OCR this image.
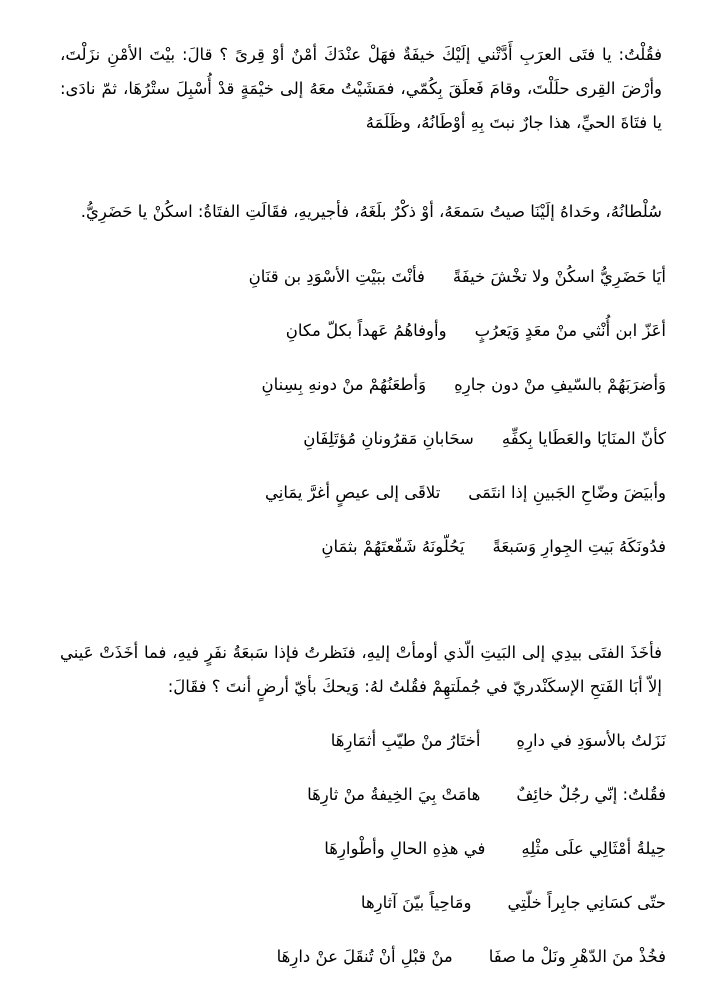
فقُلْتُ: يا فتَى العرَبِ أَدَّتْني إلَيْكَ خيفَةٌ فهَلْ عنْدَكَ أمْنٌ أوْ قِرىً ؟ قالَ: بيْتَ الأمْنِ نزَلْتَ، وأرْضَ القِرى حلَلْتَ، وقامَ فَعلَقَ بِكُمّي، فمَشَيْتُ معَهُ إلى خيْمَةٍ قدْ أُسْبِلَ ستْرُهَا، ثمّ نادَى: يا فتَاةَ الحيِّ، هذا جارٌ نبتَ بِهِ أوْطَانُهُ، وظَلَمَهُ

سُلْطانُهُ، وحَداهُ إلَيْنَا صيتُ سَمعَهُ، أوْ ذكْرٌ بلَغَهُ، فأجيريهِ، فقَالَتِ الفتَاةُ: اسكُنْ يا حَضَرِيُّ.

أيَا حَضَرِيُّ اسكُنْ ولا تخْشَ خيفَةًفأنْتَ ببَيْتِ الأسْوَدِ بن قنَانِ
أعَزّ ابن أُنْثي منْ معَدٍ وَيَعرُبٍوأوفاهُمُ عَهداً بكلّ مكانِ
وَأضرَبَهُمْ بالسّيفِ منْ دون جارِهِوَأطعَنُهُمْ منْ دونهِ بِسِنانِ
كأنّ المنَايَا والعَطَايا بِكفِّهِسحَابانِ مَقرُونانِ مُؤتَلِفَانِ
وأبيَضَ وضّاحِ الجَبينِ إذا انتَمَىتلاقَى إلى عيصٍ أغرَّ يمَانِي
فدُونَكَهُ بَيتِ الجِوارِ وَسَبعَةًيَحُلّونَهُ شَفّعتَهُمْ بثمَانِ

فأخَذَ الفتَى بيدِي إلى البَيتِ الّذي أومأتْ إليهِ، فنَظرتُ فإذا سَبعَةُ نفَرٍ فيهِ، فما أخَذَتْ عَيني إلاّ أبَا الفَتحِ الإسكَنْدريّ في جُملَتهِمْ فقُلتُ لهُ: وَيحكَ بأيّ أرضٍ أنتَ ؟ فقَالَ:

نَزَلتُ بالأسوَدِ في دارِهِأختَارُ منْ طيّبِ أثمَارِهَا
فقُلتُ: إنّي رجُلٌ خائِفٌهامَتْ بِيَ الخِيفةُ منْ ثارِهَا
حِيلةُ أمْثَالِي علَى مثْلِهِفي هذِهِ الحالِ وأطْوارِهَا
حتّى كسَانِي جابِراً خلّتِيومَاحِياً بيّنَ آثارِها
فخُذْ منَ الدّهْرِ ونَلْ ما صفَامنْ قبْلِ أنْ تُنقَلَ عنْ دارِهَا
